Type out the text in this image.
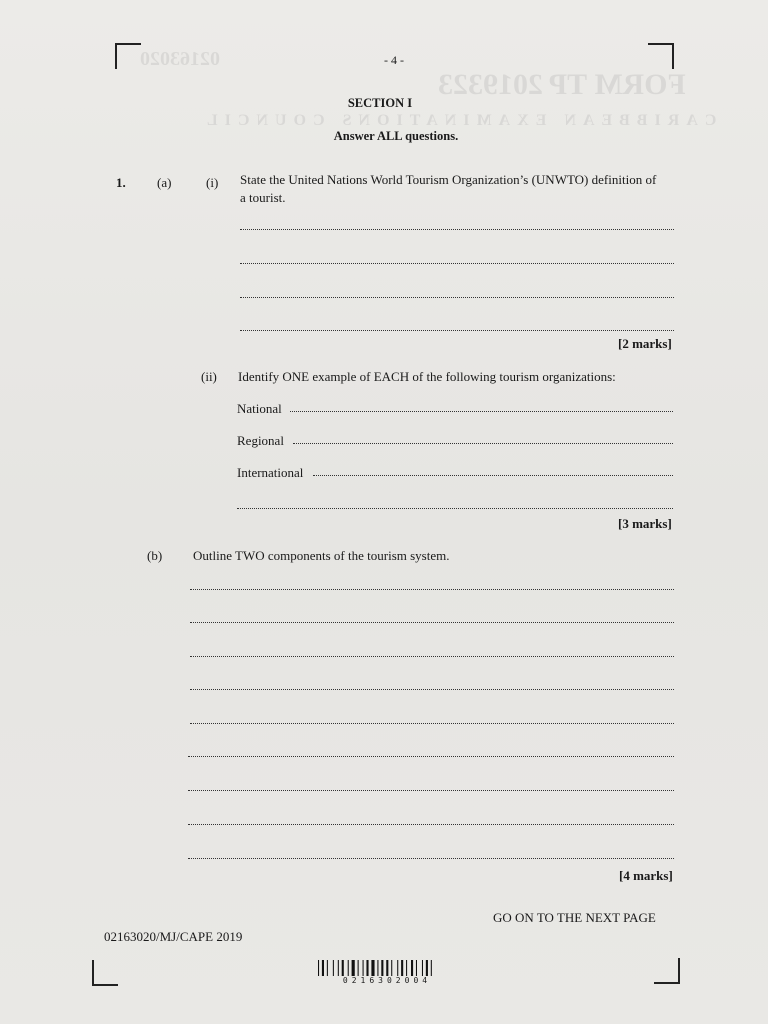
FORM TP 2019323
02163020
CARIBBEAN EXAMINATIONS COUNCIL
- 4 -
SECTION I
Answer ALL questions.
1. (a)	(i) State the United Nations World Tourism Organization’s (UNWTO) definition of
a tourist.
[2 marks]
(ii) Identify ONE example of EACH of the following tourism organizations:
National
Regional
International
[3 marks]
(b) Outline TWO components of the tourism system.
[4 marks]
GO ON TO THE NEXT PAGE
02163020/MJ/CAPE 2019
0216302004
